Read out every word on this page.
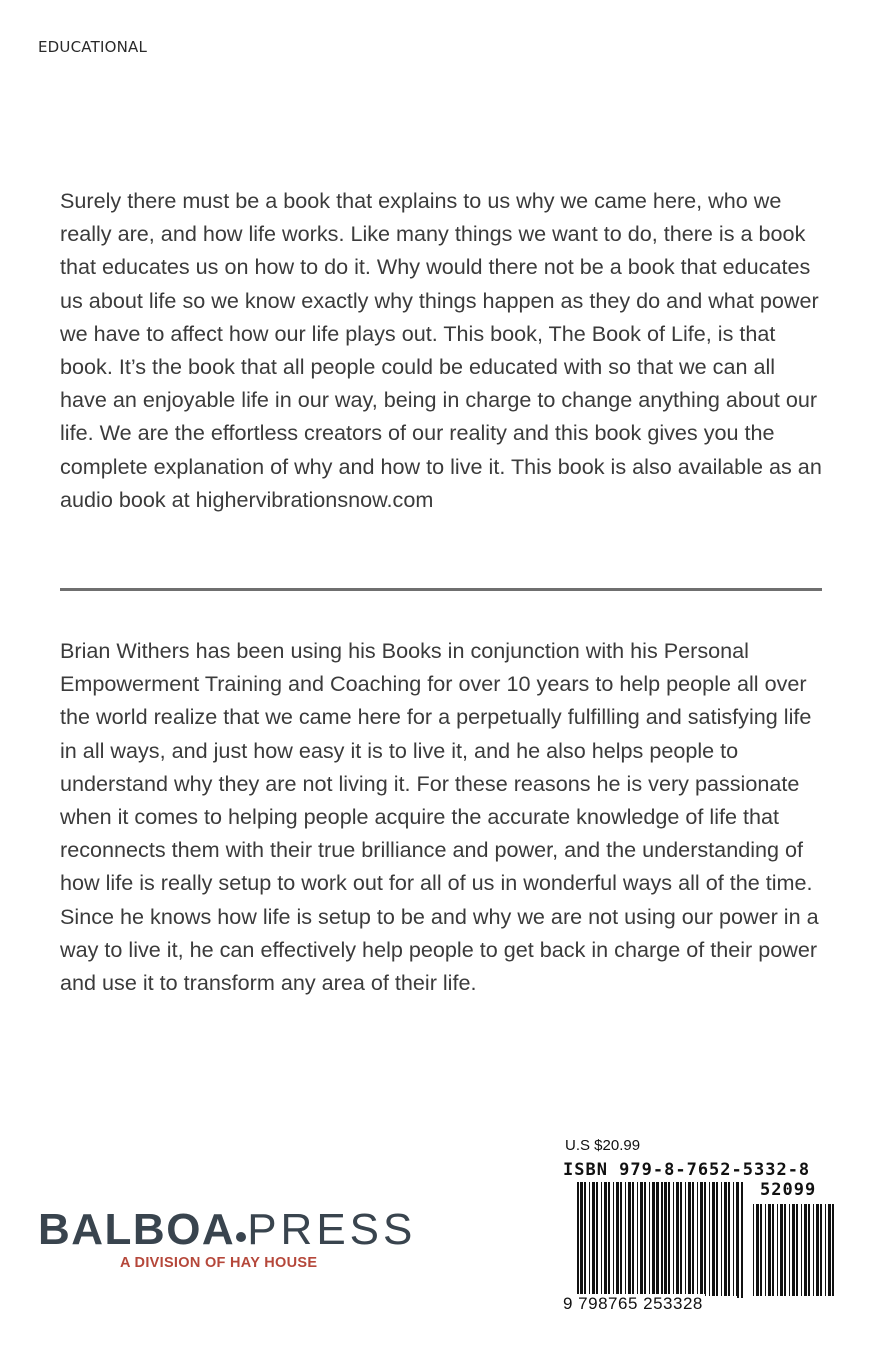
EDUCATIONAL

Surely there must be a book that explains to us why we came here, who we really are, and how life works. Like many things we want to do, there is a book that educates us on how to do it. Why would there not be a book that educates us about life so we know exactly why things happen as they do and what power we have to affect how our life plays out. This book, The Book of Life, is that book. It’s the book that all people could be educated with so that we can all have an enjoyable life in our way, being in charge to change anything about our life. We are the effortless creators of our reality and this book gives you the complete explanation of why and how to live it. This book is also available as an audio book at highervibrationsnow.com

Brian Withers has been using his Books in conjunction with his Personal Empowerment Training and Coaching for over 10 years to help people all over the world realize that we came here for a perpetually fulfilling and satisfying life in all ways, and just how easy it is to live it, and he also helps people to understand why they are not living it. For these reasons he is very passionate when it comes to helping people acquire the accurate knowledge of life that reconnects them with their true brilliance and power, and the understanding of how life is really setup to work out for all of us in wonderful ways all of the time. Since he knows how life is setup to be and why we are not using our power in a way to live it, he can effectively help people to get back in charge of their power and use it to transform any area of their life.

BALBOA PRESS
A DIVISION OF HAY HOUSE
U.S $20.99
ISBN 979-8-7652-5332-8
52099
9 798765 253328
